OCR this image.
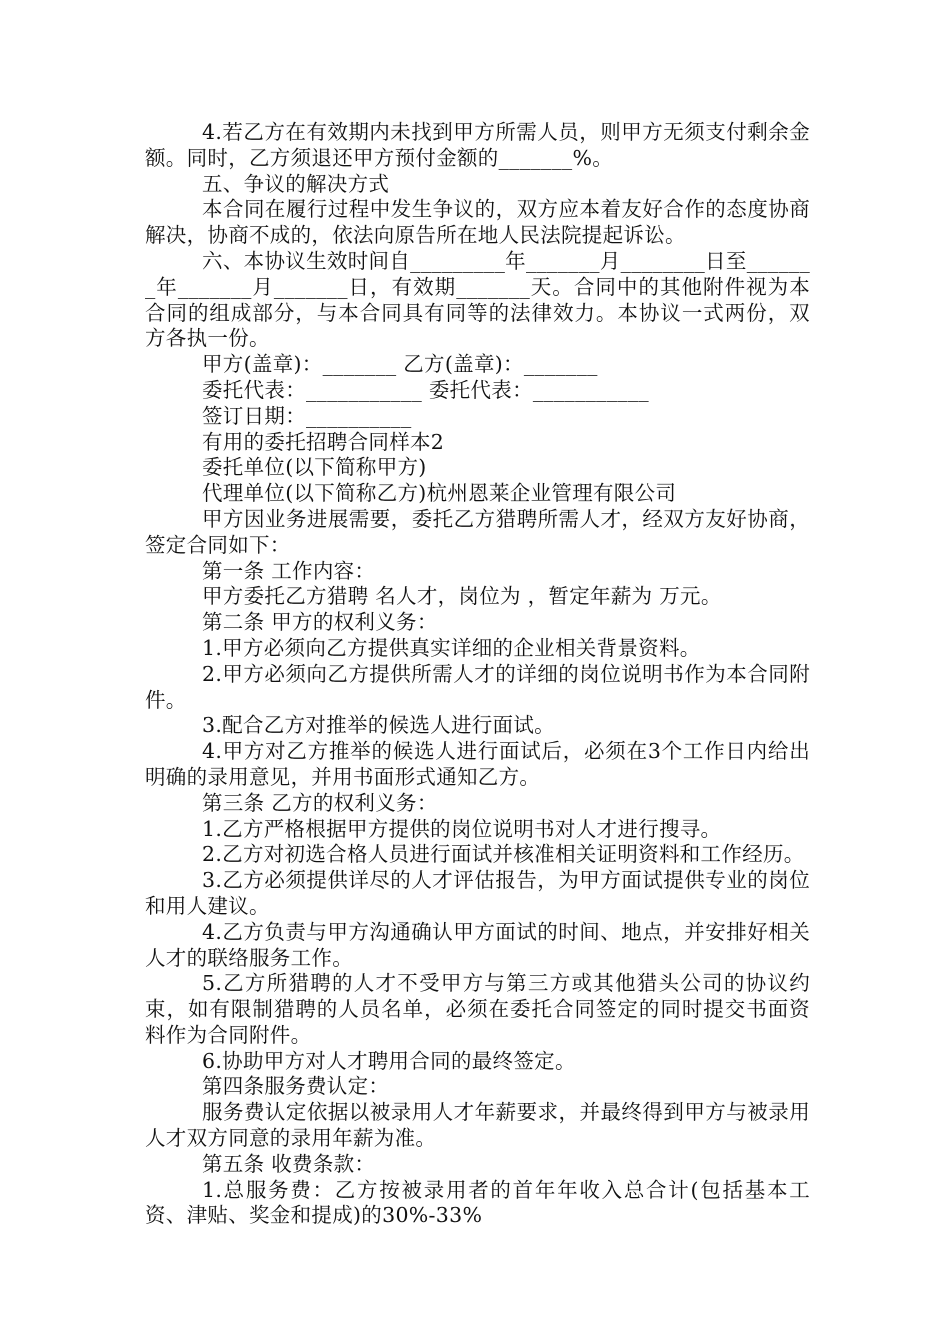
4.若乙方在有效期内未找到甲方所需人员，则甲方无须支付剩余金额。同时，乙方须退还甲方预付金额的_______%。

五、争议的解决方式

本合同在履行过程中发生争议的，双方应本着友好合作的态度协商解决，协商不成的，依法向原告所在地人民法院提起诉讼。

六、本协议生效时间自_________年_______月________日至_______年_______月_______日，有效期_______天。合同中的其他附件视为本合同的组成部分，与本合同具有同等的法律效力。本协议一式两份，双方各执一份。

甲方(盖章)：_______ 乙方(盖章)：_______

委托代表：___________ 委托代表：___________

签订日期：__________

有用的委托招聘合同样本2

委托单位(以下简称甲方)

代理单位(以下简称乙方)杭州恩莱企业管理有限公司

甲方因业务进展需要，委托乙方猎聘所需人才，经双方友好协商，签定合同如下：

第一条 工作内容：

甲方委托乙方猎聘 名人才，岗位为 ，暂定年薪为 万元。

第二条 甲方的权利义务：

1.甲方必须向乙方提供真实详细的企业相关背景资料。

2.甲方必须向乙方提供所需人才的详细的岗位说明书作为本合同附件。

3.配合乙方对推举的候选人进行面试。

4.甲方对乙方推举的候选人进行面试后，必须在3个工作日内给出明确的录用意见，并用书面形式通知乙方。

第三条 乙方的权利义务：

1.乙方严格根据甲方提供的岗位说明书对人才进行搜寻。

2.乙方对初选合格人员进行面试并核准相关证明资料和工作经历。

3.乙方必须提供详尽的人才评估报告，为甲方面试提供专业的岗位和用人建议。

4.乙方负责与甲方沟通确认甲方面试的时间、地点，并安排好相关人才的联络服务工作。

5.乙方所猎聘的人才不受甲方与第三方或其他猎头公司的协议约束，如有限制猎聘的人员名单，必须在委托合同签定的同时提交书面资料作为合同附件。

6.协助甲方对人才聘用合同的最终签定。

第四条服务费认定：

服务费认定依据以被录用人才年薪要求，并最终得到甲方与被录用人才双方同意的录用年薪为准。

第五条 收费条款：

1.总服务费：乙方按被录用者的首年年收入总合计(包括基本工资、津贴、奖金和提成)的30%-33%
